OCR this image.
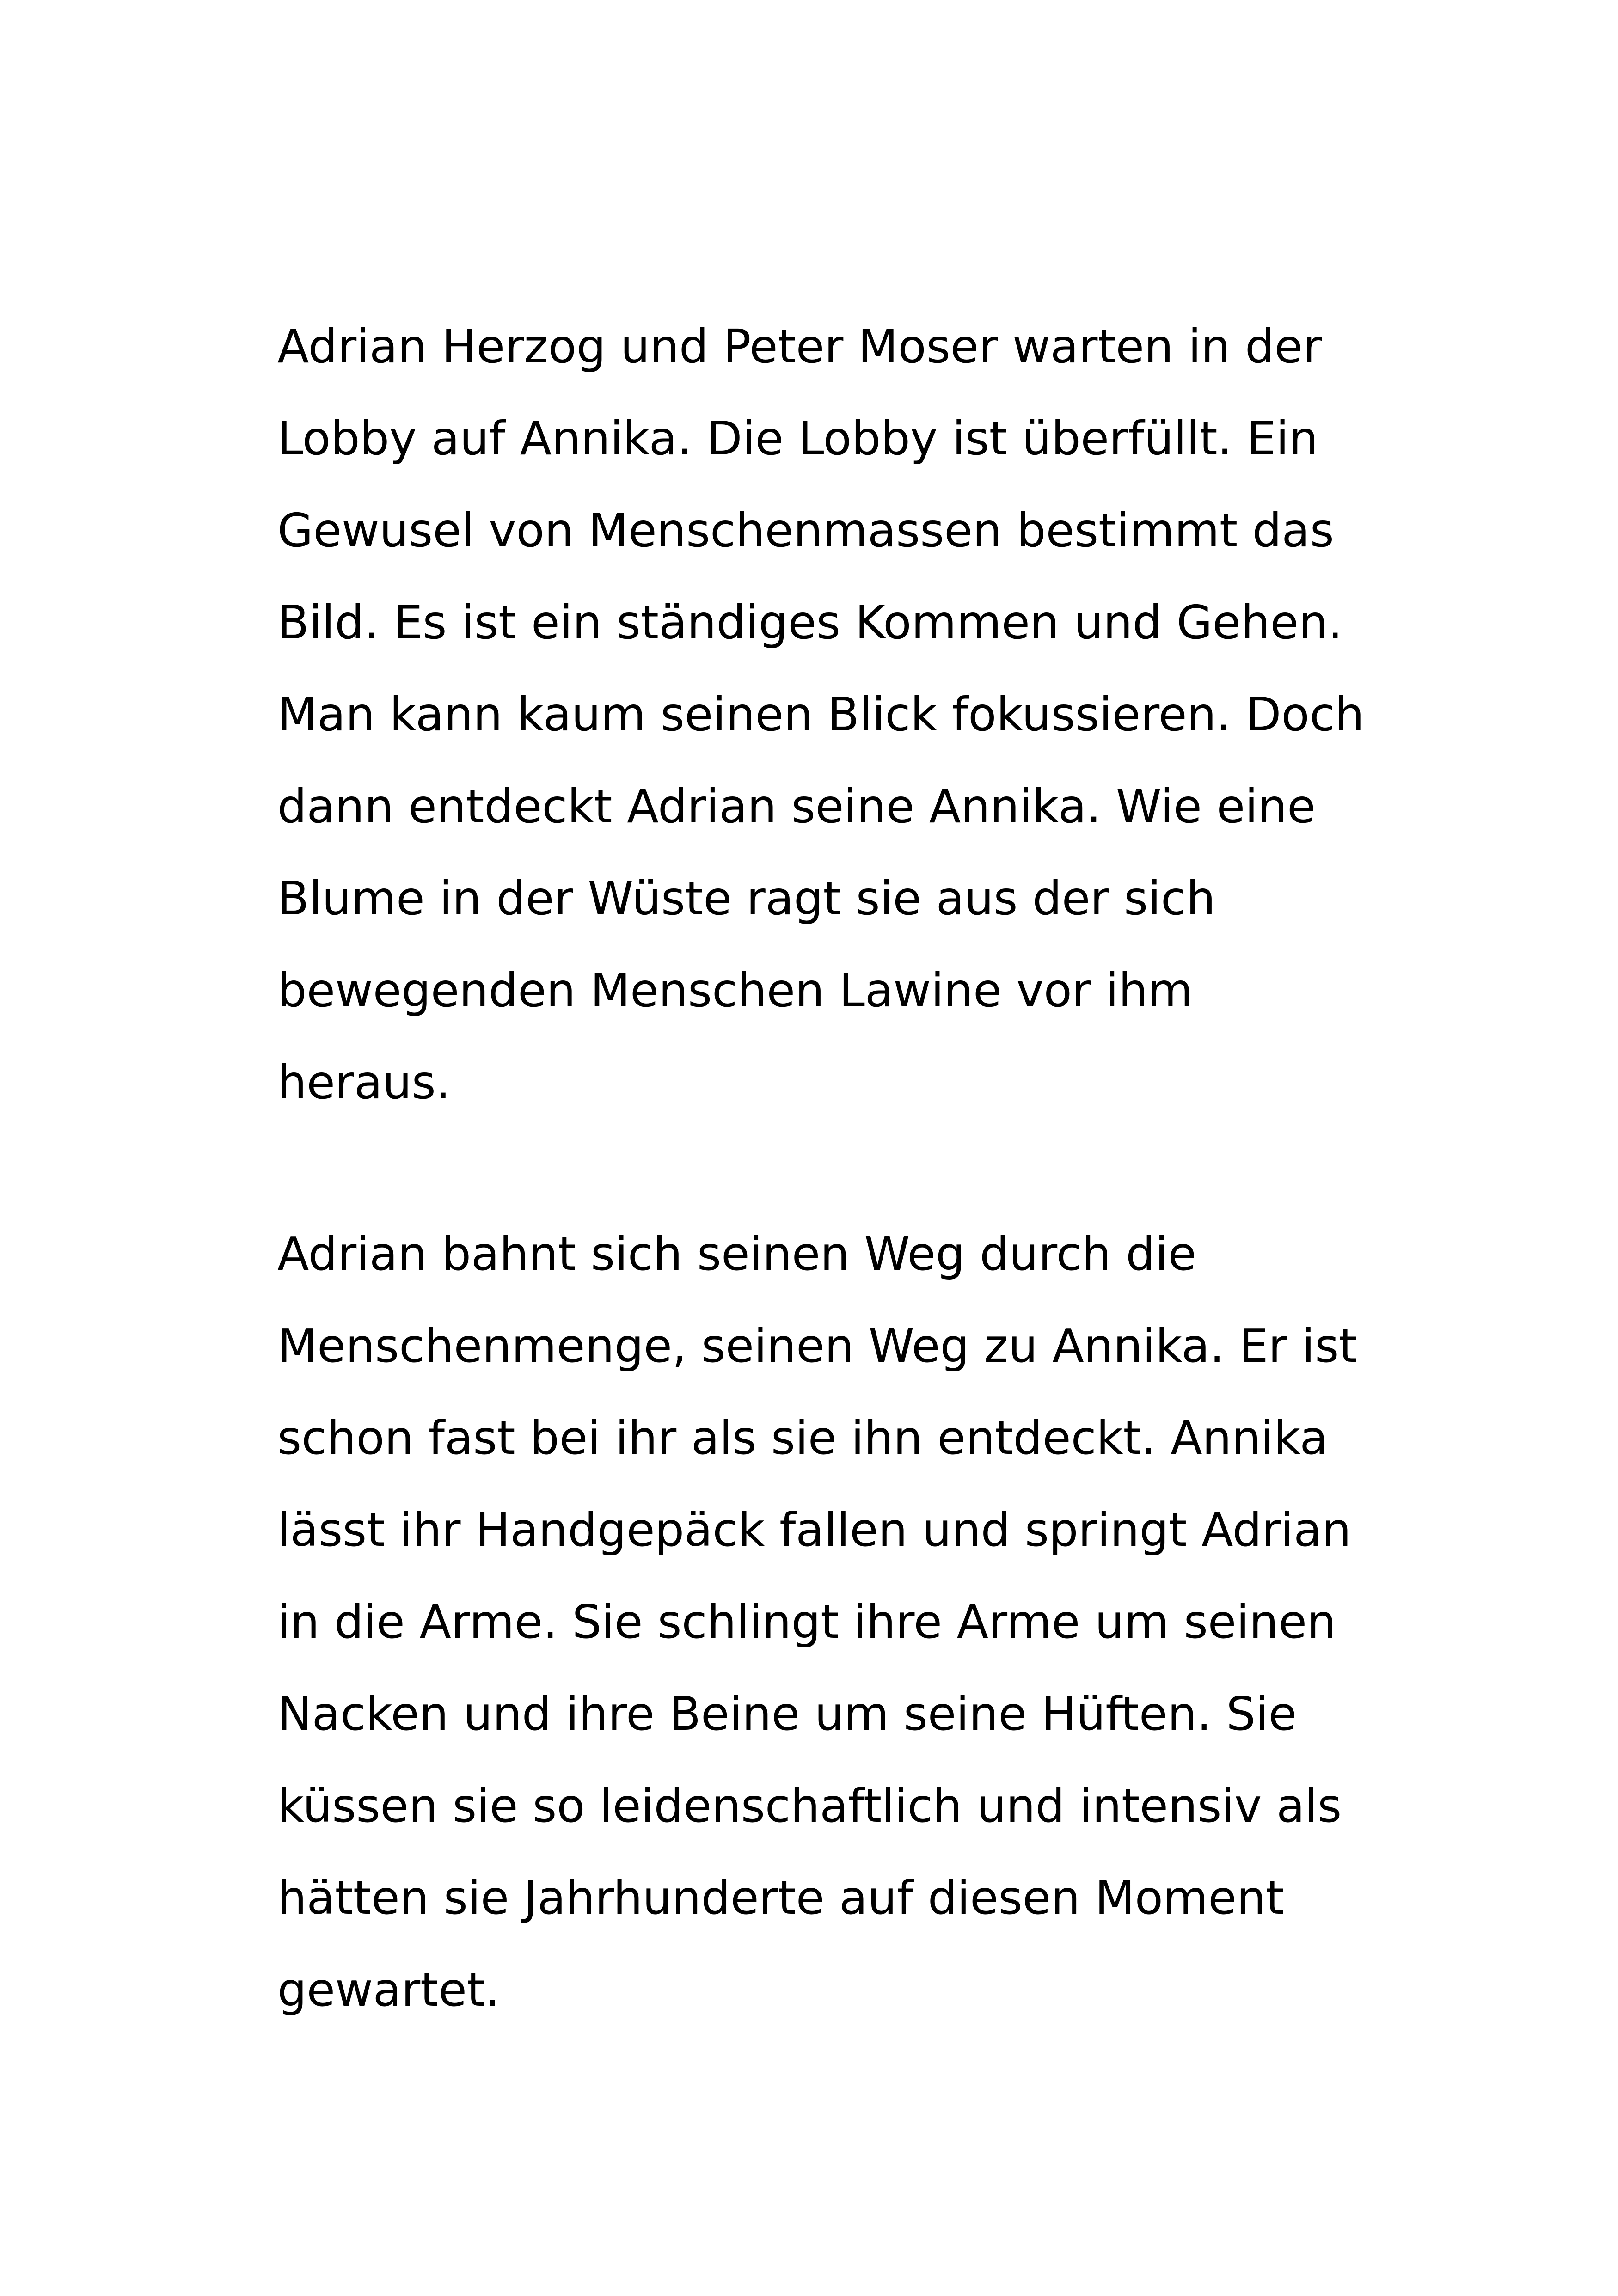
Adrian Herzog und Peter Moser warten in der
Lobby auf Annika. Die Lobby ist überfüllt. Ein
Gewusel von Menschenmassen bestimmt das
Bild. Es ist ein ständiges Kommen und Gehen.
Man kann kaum seinen Blick fokussieren. Doch
dann entdeckt Adrian seine Annika. Wie eine
Blume in der Wüste ragt sie aus der sich
bewegenden Menschen Lawine vor ihm
heraus.
Adrian bahnt sich seinen Weg durch die
Menschenmenge, seinen Weg zu Annika. Er ist
schon fast bei ihr als sie ihn entdeckt. Annika
lässt ihr Handgepäck fallen und springt Adrian
in die Arme. Sie schlingt ihre Arme um seinen
Nacken und ihre Beine um seine Hüften. Sie
küssen sie so leidenschaftlich und intensiv als
hätten sie Jahrhunderte auf diesen Moment
gewartet.
